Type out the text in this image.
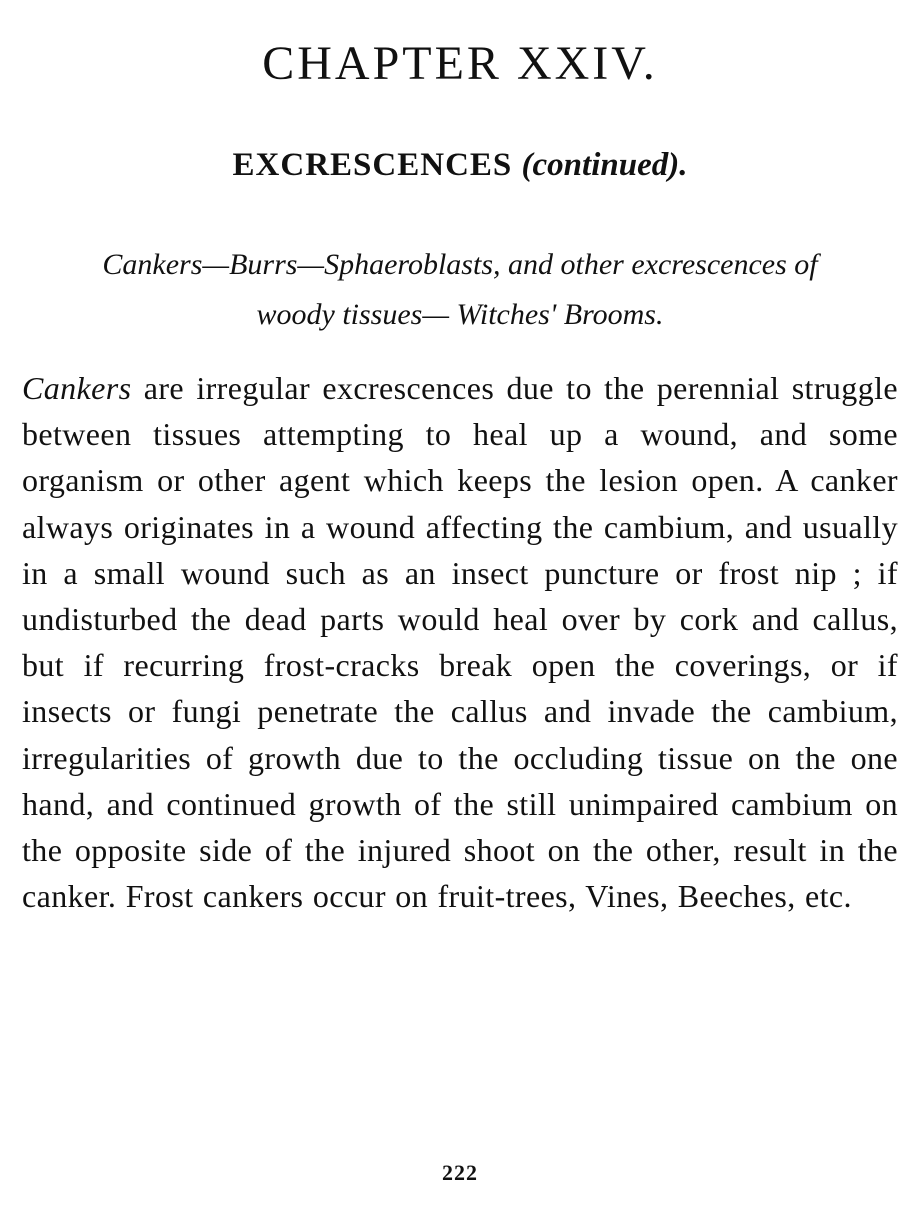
CHAPTER XXIV.
EXCRESCENCES (continued).

Cankers—Burrs—Sphaeroblasts, and other excrescences of
woody tissues— Witches' Brooms.

Cankers are irregular excrescences due to the perennial struggle between tissues attempting to heal up a wound, and some organism or other agent which keeps the lesion open. A canker always originates in a wound affecting the cambium, and usually in a small wound such as an insect puncture or frost nip ; if undisturbed the dead parts would heal over by cork and callus, but if recurring frost-cracks break open the coverings, or if insects or fungi penetrate the callus and invade the cambium, irregularities of growth due to the occluding tissue on the one hand, and continued growth of the still unimpaired cambium on the opposite side of the injured shoot on the other, result in the canker. Frost cankers occur on fruit-trees, Vines, Beeches, etc.

222
